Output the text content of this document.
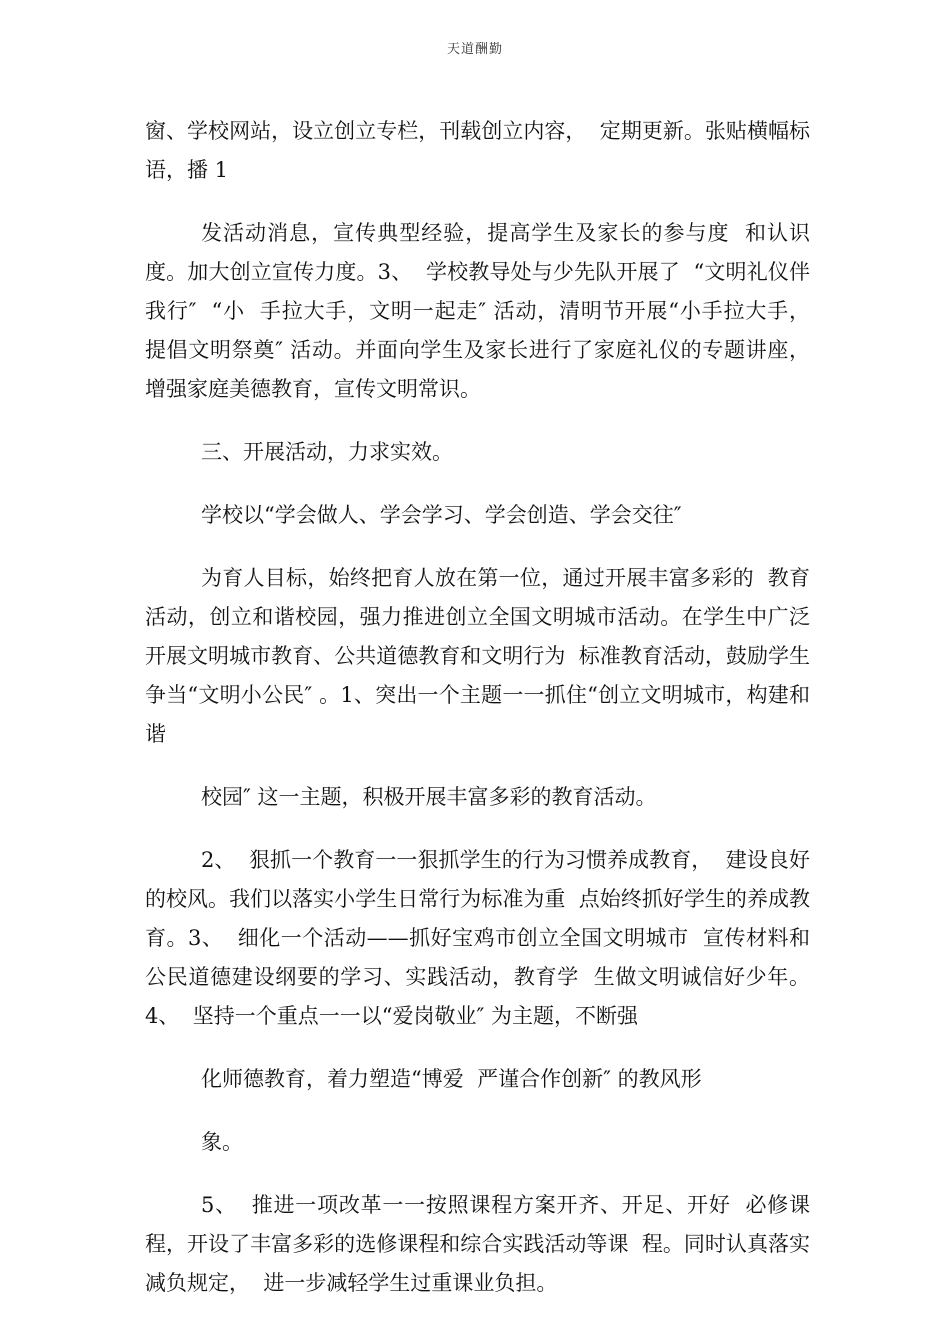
天道酬勤

窗、学校网站，设立创立专栏，刊载创立内容，  定期更新。张贴横幅标语，播 1

发活动消息，宣传典型经验，提高学生及家长的参与度  和认识度。加大创立宣传力度。3、  学校教导处与少先队开展了  “文明礼仪伴我行″  “小  手拉大手，文明一起走″ 活动，清明节开展“小手拉大手，  提倡文明祭奠″ 活动。并面向学生及家长进行了家庭礼仪的专题讲座，增强家庭美德教育，宣传文明常识。

三、开展活动，力求实效。

学校以“学会做人、学会学习、学会创造、学会交往″

为育人目标，始终把育人放在第一位，通过开展丰富多彩的  教育活动，创立和谐校园，强力推进创立全国文明城市活动。在学生中广泛开展文明城市教育、公共道德教育和文明行为  标准教育活动，鼓励学生争当“文明小公民″ 。1、突出一个主题一一抓住“创立文明城市，构建和谐

校园″ 这一主题，积极开展丰富多彩的教育活动。

2、  狠抓一个教育一一狠抓学生的行为习惯养成教育，  建设良好的校风。我们以落实小学生日常行为标准为重  点始终抓好学生的养成教育。3、  细化一个活动——抓好宝鸡市创立全国文明城市  宣传材料和公民道德建设纲要的学习、实践活动，教育学  生做文明诚信好少年。4、  坚持一个重点一一以“爱岗敬业″ 为主题，不断强

化师德教育，着力塑造“博爱  严谨合作创新″ 的教风形

象。

5、  推进一项改革一一按照课程方案开齐、开足、开好  必修课程，开设了丰富多彩的选修课程和综合实践活动等课  程。同时认真落实减负规定，  进一步减轻学生过重课业负担。
